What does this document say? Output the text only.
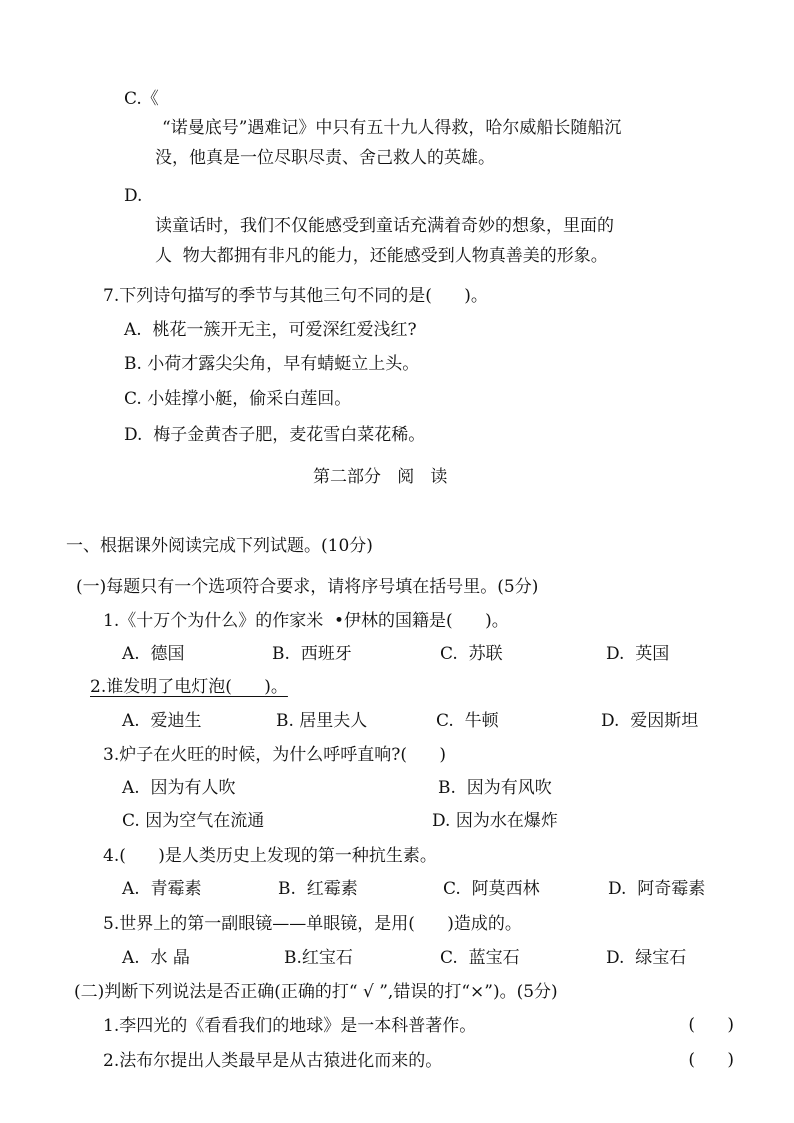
C.《
“诺曼底号”遇难记》中只有五十九人得救，哈尔威船长随船沉
没，他真是一位尽职尽责、舍己救人的英雄。
D.
读童话时，我们不仅能感受到童话充满着奇妙的想象，里面的
人  物大都拥有非凡的能力，还能感受到人物真善美的形象。
7.下列诗句描写的季节与其他三句不同的是(      )。
A.  桃花一簇开无主，可爱深红爱浅红?
B. 小荷才露尖尖角，早有蜻蜓立上头。
C. 小娃撑小艇，偷采白莲回。
D.  梅子金黄杏子肥，麦花雪白菜花稀。
第二部分   阅   读
一、根据课外阅读完成下列试题。(10分)
(一)每题只有一个选项符合要求，请将序号填在括号里。(5分)
1.《十万个为什么》的作家米  •伊林的国籍是(      )。
A.  德国	B.  西班牙	C.  苏联	D.  英国
2.谁发明了电灯泡(      )。
A.  爱迪生	B. 居里夫人	C.  牛顿	D.  爱因斯坦
3.炉子在火旺的时候，为什么呼呼直响?(      )
A.  因为有人吹	B.  因为有风吹
C. 因为空气在流通	D. 因为水在爆炸
4.(      )是人类历史上发现的第一种抗生素。
A.  青霉素	B.  红霉素	C.  阿莫西林	D.  阿奇霉素
5.世界上的第一副眼镜——单眼镜，是用(      )造成的。
A.  水 晶	B.红宝石	C.  蓝宝石	D.  绿宝石
(二)判断下列说法是否正确(正确的打“ √ ”,错误的打“×”)。(5分)
1.李四光的《看看我们的地球》是一本科普著作。	(      )
2.法布尔提出人类最早是从古猿进化而来的。	(      )
